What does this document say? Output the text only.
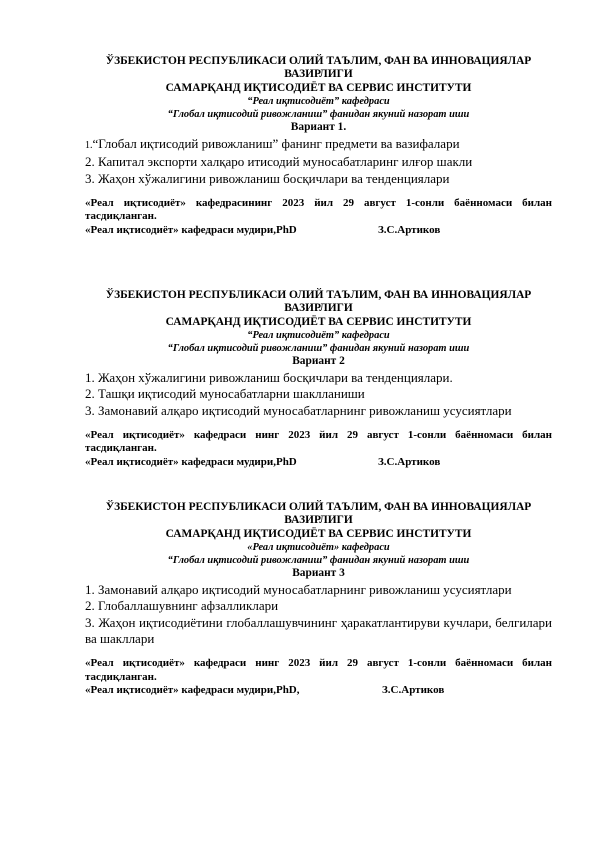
ЎЗБЕКИСТОН РЕСПУБЛИКАСИ ОЛИЙ ТАЪЛИМ, ФАН ВА ИННОВАЦИЯЛАР
ВАЗИРЛИГИ
САМАРҚАНД ИҚТИСОДИЁТ ВА СЕРВИС ИНСТИТУТИ
“Реал иқтисодиёт” кафедраси
“Глобал иқтисодий ривожланиш” фанидан якуний назорат иши
Вариант 1.
1.“Глобал иқтисодий ривожланиш” фанинг предмети ва вазифалари
2. Капитал экспорти халқаро итисодий муносабатларинг илғор шакли
3. Жаҳон хўжалигини ривожланиш босқичлари ва тенденциялари
«Реал иқтисодиёт» кафедрасининг 2023 йил 29 август 1-сонли баённомаси билан тасдиқланган.
«Реал иқтисодиёт» кафедраси мудири,PhD	З.С.Артиков
ЎЗБЕКИСТОН РЕСПУБЛИКАСИ ОЛИЙ ТАЪЛИМ, ФАН ВА ИННОВАЦИЯЛАР
ВАЗИРЛИГИ
САМАРҚАНД ИҚТИСОДИЁТ ВА СЕРВИС ИНСТИТУТИ
“Реал иқтисодиёт” кафедраси
“Глобал иқтисодий ривожланиш” фанидан якуний назорат иши
Вариант 2
1. Жаҳон хўжалигини ривожланиш босқичлари ва тенденциялари.
2. Ташқи иқтисодий муносабатларни шаклланиши
3. Замонавий алқаро иқтисодий муносабатларнинг ривожланиш усусиятлари
«Реал иқтисодиёт» кафедраси нинг 2023 йил 29 август 1-сонли баённомаси билан тасдиқланган.
«Реал иқтисодиёт» кафедраси мудири,PhD	З.С.Артиков
ЎЗБЕКИСТОН РЕСПУБЛИКАСИ ОЛИЙ ТАЪЛИМ, ФАН ВА ИННОВАЦИЯЛАР
ВАЗИРЛИГИ
САМАРҚАНД ИҚТИСОДИЁТ ВА СЕРВИС ИНСТИТУТИ
«Реал иқтисодиёт» кафедраси
“Глобал иқтисодий ривожланиш” фанидан якуний назорат иши
Вариант 3
1. Замонавий алқаро иқтисодий муносабатларнинг ривожланиш усусиятлари
2. Глобаллашувнинг афзалликлари
3. Жаҳон иқтисодиётини глобаллашувчининг ҳаракатлантируви кучлари, белгилари ва шакллари
«Реал иқтисодиёт» кафедраси нинг 2023 йил 29 август 1-сонли баённомаси билан тасдиқланган.
«Реал иқтисодиёт» кафедраси мудири,PhD,	З.С.Артиков
